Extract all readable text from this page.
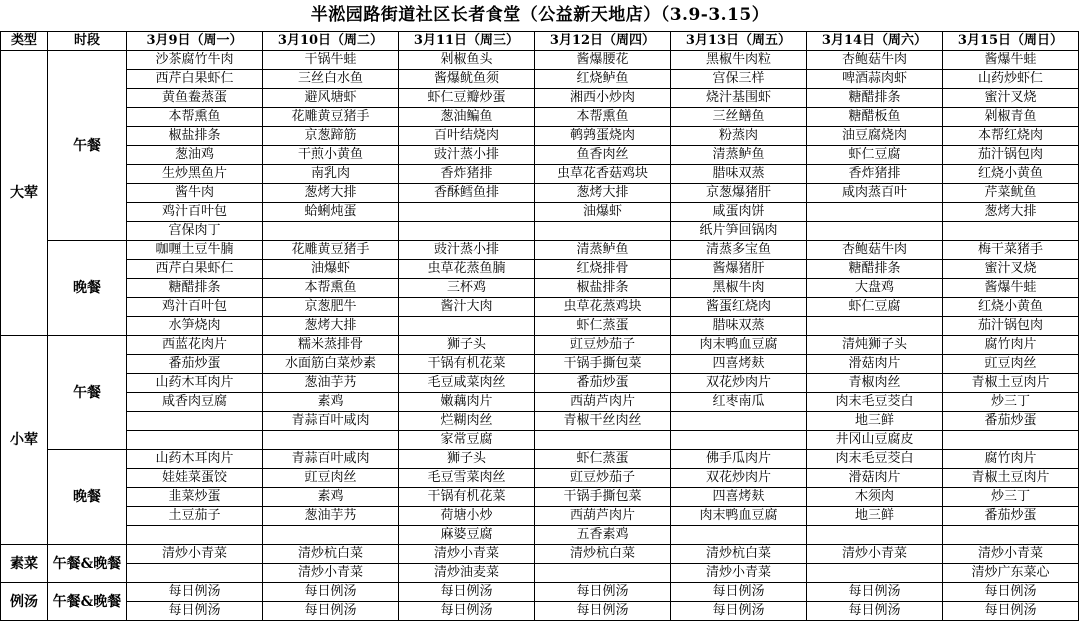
半淞园路街道社区长者食堂（公益新天地店）（3.9-3.15）
类型	时段	3月9日（周一）	3月10日（周二）	3月11日（周三）	3月12日（周四）	3月13日（周五）	3月14日（周六）	3月15日（周日）
大荤	午餐	沙茶腐竹牛肉	干锅牛蛙	剁椒鱼头	酱爆腰花	黑椒牛肉粒	杏鲍菇牛肉	酱爆牛蛙
		西芹白果虾仁	三丝白水鱼	酱爆鱿鱼须	红烧鲈鱼	宫保三样	啤酒蒜肉虾	山药炒虾仁
		黄鱼鲞蒸蛋	避风塘虾	虾仁豆瓣炒蛋	湘西小炒肉	烧汁基围虾	糖醋排条	蜜汁叉烧
		本帮熏鱼	花雕黄豆猪手	葱油鳊鱼	本帮熏鱼	三丝鳝鱼	糖醋板鱼	剁椒青鱼
		椒盐排条	京葱蹄筋	百叶结烧肉	鹌鹑蛋烧肉	粉蒸肉	油豆腐烧肉	本帮红烧肉
		葱油鸡	干煎小黄鱼	豉汁蒸小排	鱼香肉丝	清蒸鲈鱼	虾仁豆腐	茄汁锅包肉
		生炒黑鱼片	南乳肉	香炸猪排	虫草花香菇鸡块	腊味双蒸	香炸猪排	红烧小黄鱼
		酱牛肉	葱烤大排	香酥鳕鱼排	葱烤大排	京葱爆猪肝	咸肉蒸百叶	芹菜鱿鱼
		鸡汁百叶包	蛤蜊炖蛋		油爆虾	咸蛋肉饼		葱烤大排
		宫保肉丁				纸片笋回锅肉		
	晚餐	咖喱土豆牛腩	花雕黄豆猪手	豉汁蒸小排	清蒸鲈鱼	清蒸多宝鱼	杏鲍菇牛肉	梅干菜猪手
		西芹白果虾仁	油爆虾	虫草花蒸鱼腩	红烧排骨	酱爆猪肝	糖醋排条	蜜汁叉烧
		糖醋排条	本帮熏鱼	三杯鸡	椒盐排条	黑椒牛肉	大盘鸡	酱爆牛蛙
		鸡汁百叶包	京葱肥牛	酱汁大肉	虫草花蒸鸡块	酱蛋红烧肉	虾仁豆腐	红烧小黄鱼
		水笋烧肉	葱烤大排		虾仁蒸蛋	腊味双蒸		茄汁锅包肉
小荤	午餐	西蓝花肉片	糯米蒸排骨	狮子头	豇豆炒茄子	肉末鸭血豆腐	清炖狮子头	腐竹肉片
		番茄炒蛋	水面筋白菜炒素	干锅有机花菜	干锅手撕包菜	四喜烤麸	滑菇肉片	豇豆肉丝
		山药木耳肉片	葱油芋艿	毛豆咸菜肉丝	番茄炒蛋	双花炒肉片	青椒肉丝	青椒土豆肉片
		咸香肉豆腐	素鸡	嫩藕肉片	西葫芦肉片	红枣南瓜	肉末毛豆茭白	炒三丁
			青蒜百叶咸肉	烂糊肉丝	青椒干丝肉丝		地三鲜	番茄炒蛋
				家常豆腐			井冈山豆腐皮	
	晚餐	山药木耳肉片	青蒜百叶咸肉	狮子头	虾仁蒸蛋	佛手瓜肉片	肉末毛豆茭白	腐竹肉片
		娃娃菜蛋饺	豇豆肉丝	毛豆雪菜肉丝	豇豆炒茄子	双花炒肉片	滑菇肉片	青椒土豆肉片
		韭菜炒蛋	素鸡	干锅有机花菜	干锅手撕包菜	四喜烤麸	木须肉	炒三丁
		土豆茄子	葱油芋艿	荷塘小炒	西葫芦肉片	肉末鸭血豆腐	地三鲜	番茄炒蛋
				麻婆豆腐	五香素鸡			
素菜	午餐&晚餐	清炒小青菜	清炒杭白菜	清炒小青菜	清炒杭白菜	清炒杭白菜	清炒小青菜	清炒小青菜
			清炒小青菜	清炒油麦菜		清炒小青菜		清炒广东菜心
例汤	午餐&晚餐	每日例汤	每日例汤	每日例汤	每日例汤	每日例汤	每日例汤	每日例汤
		每日例汤	每日例汤	每日例汤	每日例汤	每日例汤	每日例汤	每日例汤
